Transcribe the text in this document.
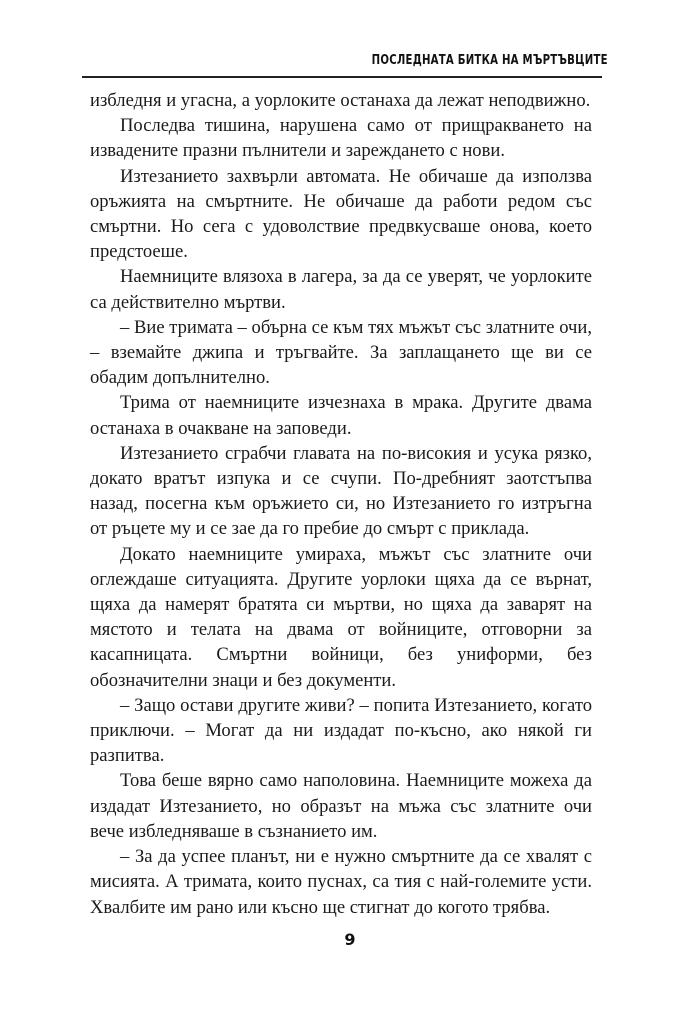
ПОСЛЕДНАТА БИТКА НА МЪРТЪВЦИТЕ

избледня и угасна, а уорлоките останаха да лежат неподвижно.

Последва тишина, нарушена само от прищракването на извадените празни пълнители и зареждането с нови.

Изтезанието захвърли автомата. Не обичаше да използва оръжията на смъртните. Не обичаше да работи редом със смъртни. Но сега с удоволствие предвкусваше онова, което предстоеше.

Наемниците влязоха в лагера, за да се уверят, че уорлоките са действително мъртви.

– Вие тримата – обърна се към тях мъжът със златните очи, – вземайте джипа и тръгвайте. За заплащането ще ви се обадим допълнително.

Трима от наемниците изчезнаха в мрака. Другите двама останаха в очакване на заповеди.

Изтезанието сграбчи главата на по-високия и усука рязко, докато вратът изпука и се счупи. По-дребният заотстъпва назад, посегна към оръжието си, но Изтезанието го изтръгна от ръцете му и се зае да го пребие до смърт с приклада.

Докато наемниците умираха, мъжът със златните очи оглеждаше ситуацията. Другите уорлоки щяха да се върнат, щяха да намерят братята си мъртви, но щяха да заварят на мястото и телата на двама от войниците, отговорни за касапницата. Смъртни войници, без униформи, без обозначителни знаци и без документи.

– Защо остави другите живи? – попита Изтезанието, когато приключи. – Могат да ни издадат по-късно, ако някой ги разпитва.

Това беше вярно само наполовина. Наемниците можеха да издадат Изтезанието, но образът на мъжа със златните очи вече избледняваше в съзнанието им.

– За да успее планът, ни е нужно смъртните да се хвалят с мисията. А тримата, които пуснах, са тия с най-големите усти. Хвалбите им рано или късно ще стигнат до когото трябва.

9
